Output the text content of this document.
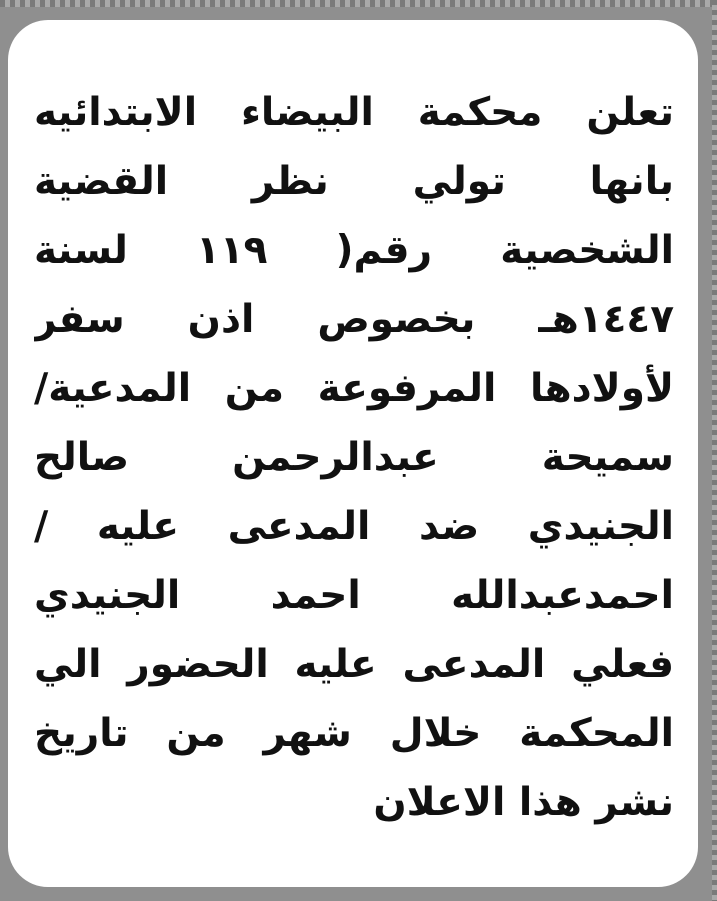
تعلن محكمة البيضاء الابتدائيه
بانها تولي نظر القضية
الشخصية رقم( ١١٩ لسنة
١٤٤٧هـ بخصوص اذن سفر
لأولادها المرفوعة من المدعية/
سميحة عبدالرحمن صالح
الجنيدي ضد المدعى عليه /
احمدعبدالله احمد الجنيدي
فعلي المدعى عليه الحضور الي
المحكمة خلال شهر من تاريخ
نشر هذا الاعلان
